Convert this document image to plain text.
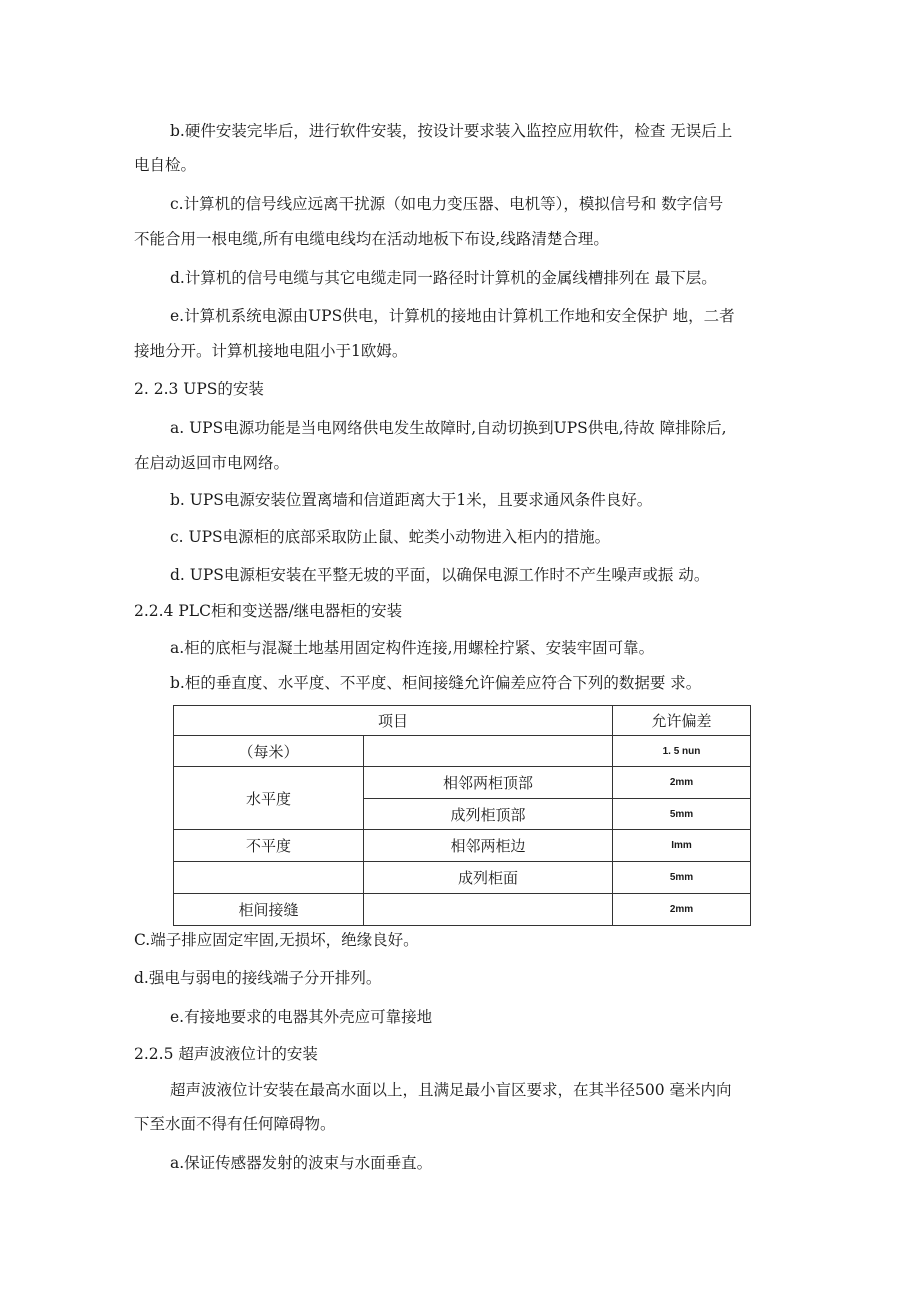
b.硬件安装完毕后，进行软件安装，按设计要求装入监控应用软件，检查 无误后上
电自检。
c.计算机的信号线应远离干扰源（如电力变压器、电机等），模拟信号和 数字信号
不能合用一根电缆,所有电缆电线均在活动地板下布设,线路清楚合理。
d.计算机的信号电缆与其它电缆走同一路径时计算机的金属线槽排列在 最下层。
e.计算机系统电源由UPS供电，计算机的接地由计算机工作地和安全保护 地，二者
接地分开。计算机接地电阻小于1欧姆。
2. 2.3 UPS的安装
a. UPS电源功能是当电网络供电发生故障时,自动切换到UPS供电,待故 障排除后,
在启动返回市电网络。
b. UPS电源安装位置离墙和信道距离大于1米，且要求通风条件良好。
c. UPS电源柜的底部采取防止鼠、蛇类小动物进入柜内的措施。
d. UPS电源柜安装在平整无坡的平面，以确保电源工作时不产生噪声或振 动。
2.2.4 PLC柜和变送器/继电器柜的安装
a.柜的底柜与混凝土地基用固定构件连接,用螺栓拧紧、安装牢固可靠。
b.柜的垂直度、水平度、不平度、柜间接缝允许偏差应符合下列的数据要 求。
项目		允许偏差
（每米）		1. 5 nun
水平度	相邻两柜顶部	2mm
	成列柜顶部	5mm
不平度	相邻两柜边	Imm
	成列柜面	5mm
柜间接缝		2mm
C.端子排应固定牢固,无损坏，绝缘良好。
d.强电与弱电的接线端子分开排列。
e.有接地要求的电器其外壳应可靠接地
2.2.5 超声波液位计的安装
超声波液位计安装在最高水面以上，且满足最小盲区要求，在其半径500 毫米内向
下至水面不得有任何障碍物。
a.保证传感器发射的波束与水面垂直。
